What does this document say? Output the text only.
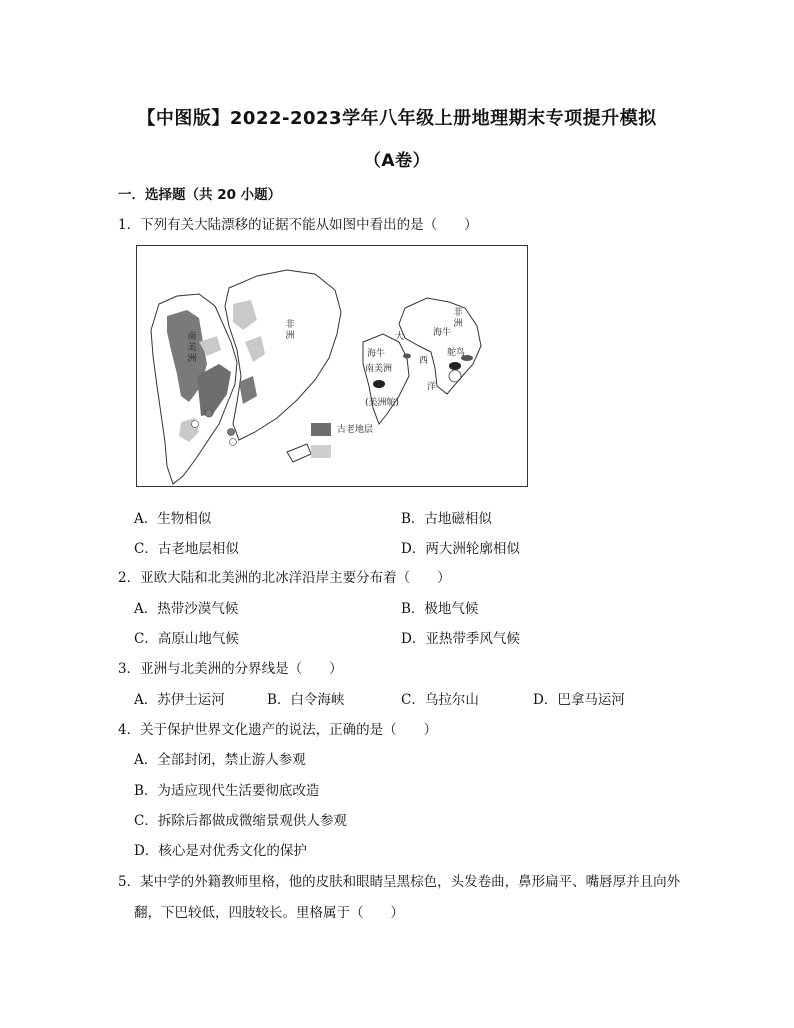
【中图版】2022-2023学年八年级上册地理期末专项提升模拟
（A卷）
一．选择题（共 20 小题）
1．下列有关大陆漂移的证据不能从如图中看出的是（　　）
南美洲
非洲
古老地层
南美洲
非洲
大
西
洋
海牛
海牛
鸵鸟
(美洲鸵)
A．生物相似	B．古地磁相似
C．古老地层相似	D．两大洲轮廓相似
2．亚欧大陆和北美洲的北冰洋沿岸主要分布着（　　）
A．热带沙漠气候	B．极地气候
C．高原山地气候	D．亚热带季风气候
3．亚洲与北美洲的分界线是（　　）
A．苏伊士运河	B．白令海峡	C．乌拉尔山	D．巴拿马运河
4．关于保护世界文化遗产的说法，正确的是（　　）
A．全部封闭，禁止游人参观
B．为适应现代生活要彻底改造
C．拆除后都做成微缩景观供人参观
D．核心是对优秀文化的保护
5．某中学的外籍教师里格，他的皮肤和眼睛呈黑棕色，头发卷曲，鼻形扁平、嘴唇厚并且向外
翻，下巴较低，四肢较长。里格属于（　　）
